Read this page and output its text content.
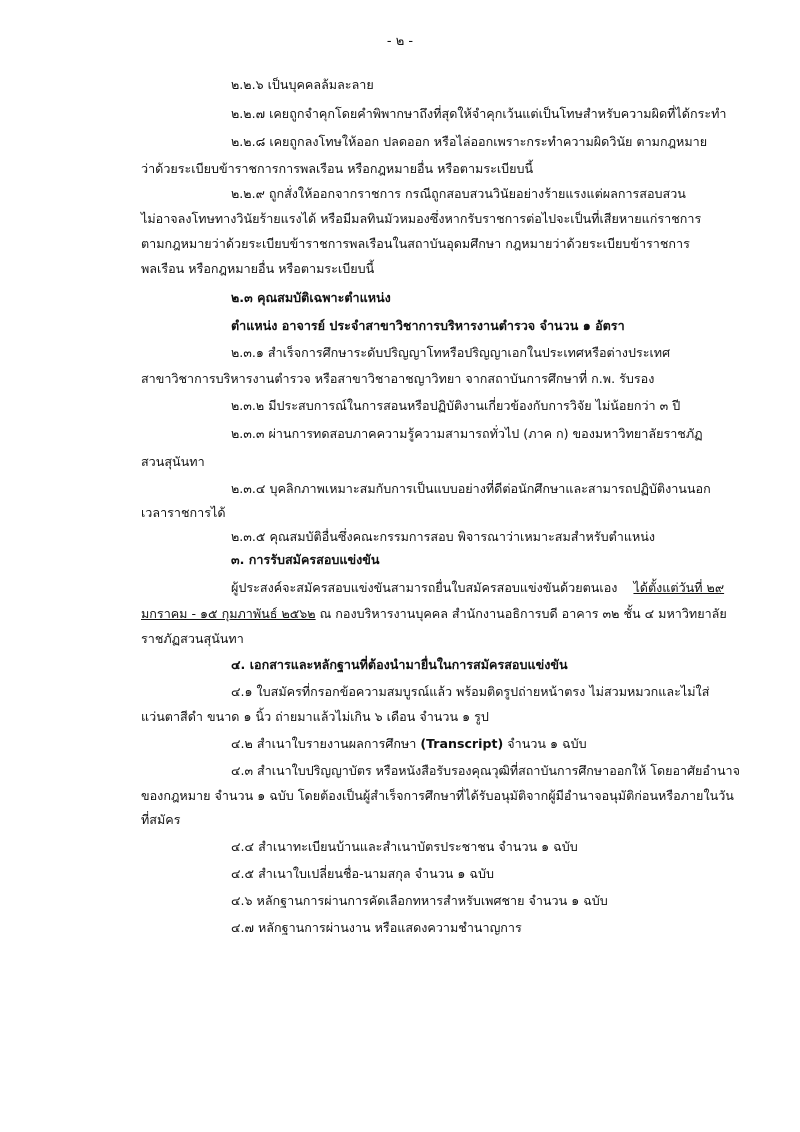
- ๒ -
๒.๒.๖ เป็นบุคคลล้มละลาย
๒.๒.๗ เคยถูกจำคุกโดยคำพิพากษาถึงที่สุดให้จำคุกเว้นแต่เป็นโทษสำหรับความผิดที่ได้กระทำ
๒.๒.๘ เคยถูกลงโทษให้ออก ปลดออก หรือไล่ออกเพราะกระทำความผิดวินัย ตามกฎหมาย
ว่าด้วยระเบียบข้าราชการการพลเรือน หรือกฎหมายอื่น หรือตามระเบียบนี้
๒.๒.๙ ถูกสั่งให้ออกจากราชการ กรณีถูกสอบสวนวินัยอย่างร้ายแรงแต่ผลการสอบสวน
ไม่อาจลงโทษทางวินัยร้ายแรงได้ หรือมีมลทินมัวหมองซึ่งหากรับราชการต่อไปจะเป็นที่เสียหายแก่ราชการ
ตามกฎหมายว่าด้วยระเบียบข้าราชการพลเรือนในสถาบันอุดมศึกษา กฎหมายว่าด้วยระเบียบข้าราชการ
พลเรือน หรือกฎหมายอื่น หรือตามระเบียบนี้
๒.๓ คุณสมบัติเฉพาะตำแหน่ง
ตำแหน่ง อาจารย์ ประจำสาขาวิชาการบริหารงานตำรวจ จำนวน ๑ อัตรา
๒.๓.๑ สำเร็จการศึกษาระดับปริญญาโทหรือปริญญาเอกในประเทศหรือต่างประเทศ
สาขาวิชาการบริหารงานตำรวจ หรือสาขาวิชาอาชญาวิทยา จากสถาบันการศึกษาที่ ก.พ. รับรอง
๒.๓.๒ มีประสบการณ์ในการสอนหรือปฏิบัติงานเกี่ยวข้องกับการวิจัย ไม่น้อยกว่า ๓ ปี
๒.๓.๓ ผ่านการทดสอบภาคความรู้ความสามารถทั่วไป (ภาค ก) ของมหาวิทยาลัยราชภัฏ
สวนสุนันทา
๒.๓.๔ บุคลิกภาพเหมาะสมกับการเป็นแบบอย่างที่ดีต่อนักศึกษาและสามารถปฏิบัติงานนอก
เวลาราชการได้
๒.๓.๕ คุณสมบัติอื่นซึ่งคณะกรรมการสอบ พิจารณาว่าเหมาะสมสำหรับตำแหน่ง
๓. การรับสมัครสอบแข่งขัน
ผู้ประสงค์จะสมัครสอบแข่งขันสามารถยื่นใบสมัครสอบแข่งขันด้วยตนเอง ได้ตั้งแต่วันที่ ๒๙
มกราคม - ๑๕ กุมภาพันธ์ ๒๕๖๒ ณ กองบริหารงานบุคคล สำนักงานอธิการบดี อาคาร ๓๒ ชั้น ๔ มหาวิทยาลัย
ราชภัฏสวนสุนันทา
๔. เอกสารและหลักฐานที่ต้องนำมายื่นในการสมัครสอบแข่งขัน
๔.๑ ใบสมัครที่กรอกข้อความสมบูรณ์แล้ว พร้อมติดรูปถ่ายหน้าตรง ไม่สวมหมวกและไม่ใส่
แว่นตาสีดำ ขนาด ๑ นิ้ว ถ่ายมาแล้วไม่เกิน ๖ เดือน จำนวน ๑ รูป
๔.๒ สำเนาใบรายงานผลการศึกษา (Transcript) จำนวน ๑ ฉบับ
๔.๓ สำเนาใบปริญญาบัตร หรือหนังสือรับรองคุณวุฒิที่สถาบันการศึกษาออกให้ โดยอาศัยอำนาจ
ของกฎหมาย จำนวน ๑ ฉบับ โดยต้องเป็นผู้สำเร็จการศึกษาที่ได้รับอนุมัติจากผู้มีอำนาจอนุมัติก่อนหรือภายในวัน
ที่สมัคร
๔.๔ สำเนาทะเบียนบ้านและสำเนาบัตรประชาชน จำนวน ๑ ฉบับ
๔.๕ สำเนาใบเปลี่ยนชื่อ-นามสกุล จำนวน ๑ ฉบับ
๔.๖ หลักฐานการผ่านการคัดเลือกทหารสำหรับเพศชาย จำนวน ๑ ฉบับ
๔.๗ หลักฐานการผ่านงาน หรือแสดงความชำนาญการ
